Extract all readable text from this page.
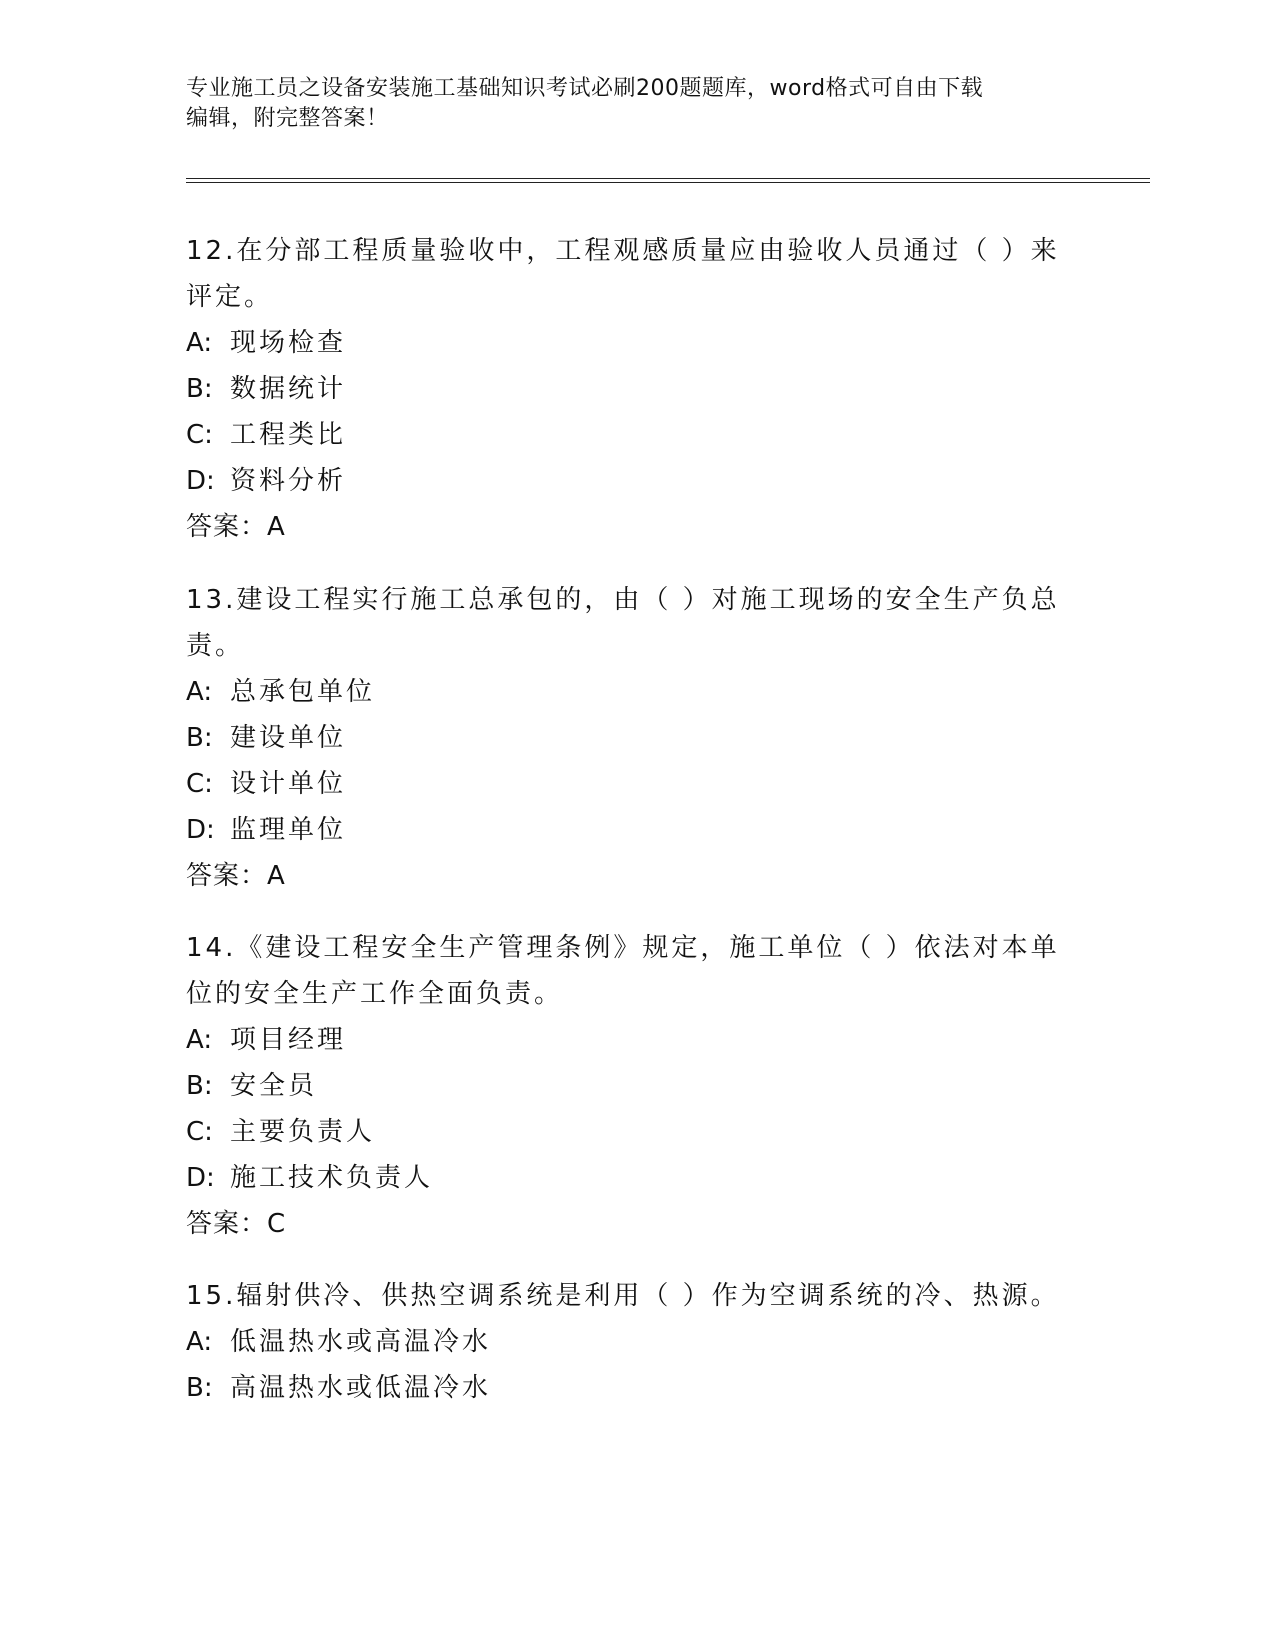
专业施工员之设备安装施工基础知识考试必刷200题题库，word格式可自由下载
编辑，附完整答案！
12.在分部工程质量验收中，工程观感质量应由验收人员通过（ ）来
评定。
A: 现场检查
B: 数据统计
C: 工程类比
D: 资料分析
答案：A
13.建设工程实行施工总承包的，由（ ）对施工现场的安全生产负总
责。
A: 总承包单位
B: 建设单位
C: 设计单位
D: 监理单位
答案：A
14.《建设工程安全生产管理条例》规定，施工单位（ ）依法对本单
位的安全生产工作全面负责。
A: 项目经理
B: 安全员
C: 主要负责人
D: 施工技术负责人
答案：C
15.辐射供冷、供热空调系统是利用（ ）作为空调系统的冷、热源。
A: 低温热水或高温冷水
B: 高温热水或低温冷水
